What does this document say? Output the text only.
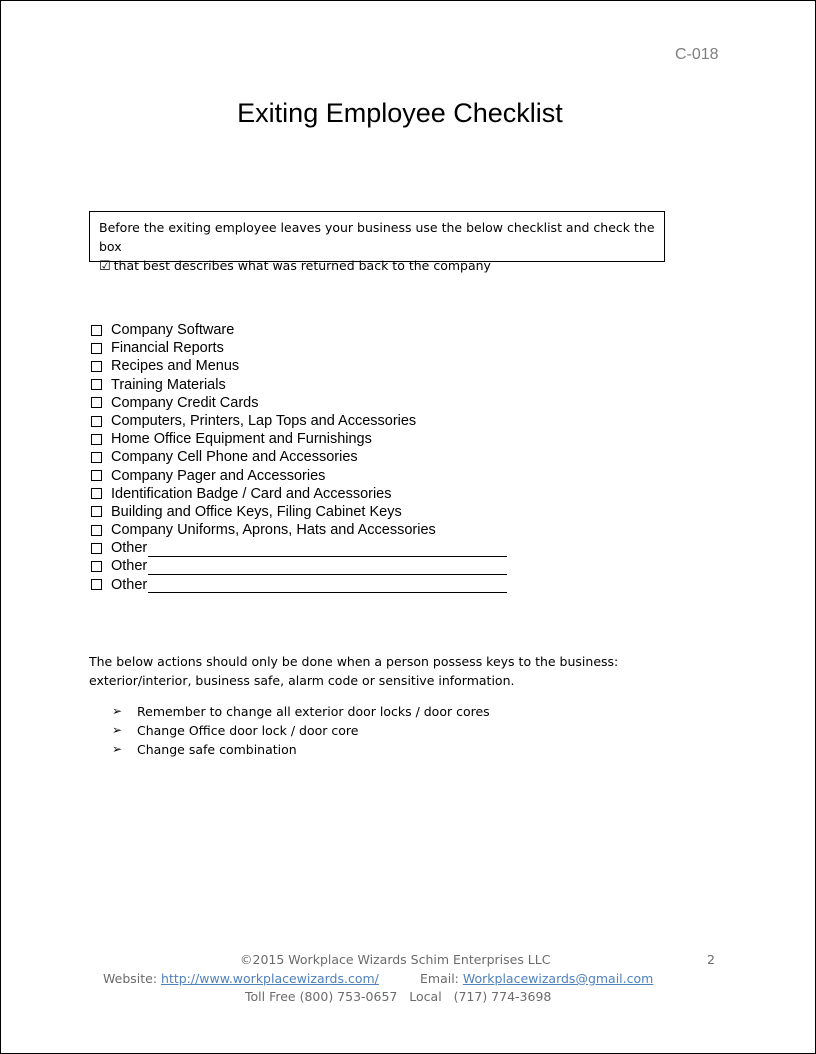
C-018
Exiting Employee Checklist
Before the exiting employee leaves your business use the below checklist and check the box
☑ that best describes what was returned back to the company
Company Software
Financial Reports
Recipes and Menus
Training Materials
Company Credit Cards
Computers, Printers, Lap Tops and Accessories
Home Office Equipment and Furnishings
Company Cell Phone and Accessories
Company Pager and Accessories
Identification Badge / Card and Accessories
Building and Office Keys, Filing Cabinet Keys
Company Uniforms, Aprons, Hats and Accessories
Other
Other
Other
The below actions should only be done when a person possess keys to the business: exterior/interior, business safe, alarm code or sensitive information.
➢	Remember to change all exterior door locks / door cores
➢	Change Office door lock / door core
➢	Change safe combination
©2015 Workplace Wizards Schim Enterprises LLC
Website: http://www.workplacewizards.com/	Email: Workplacewizards@gmail.com
Toll Free (800) 753-0657   Local   (717) 774-3698
2
